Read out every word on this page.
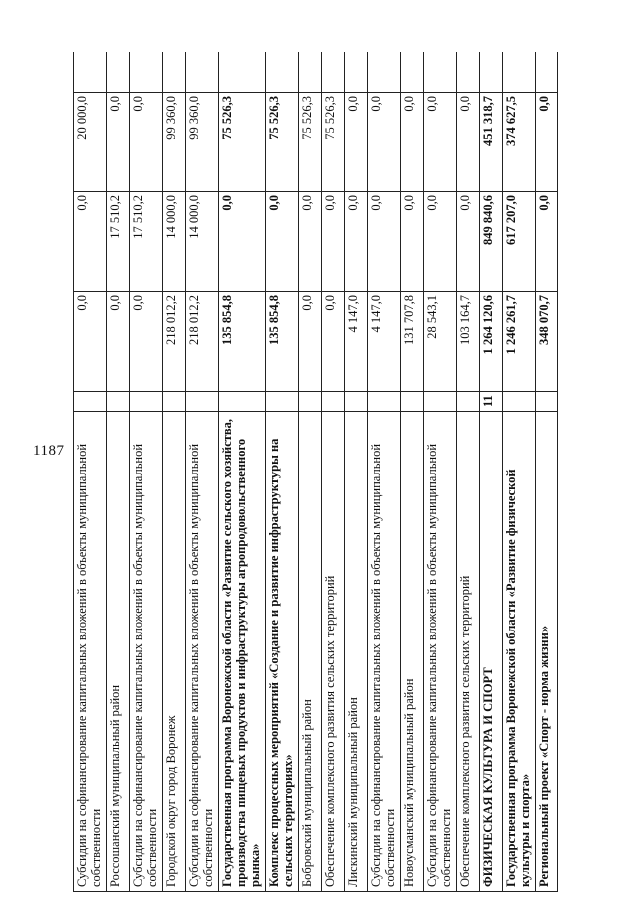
1187 Субсидии на софинансирование капитальных вложений в объекты муниципальной собственности
0,0
0,0
20 000,0
Россошанский муниципальный район
0,0
17 510,2
0,0
Субсидии на софинансирование капитальных вложений в объекты муниципальной собственности
0,0
17 510,2
0,0
Городской округ город Воронеж
218 012,2
14 000,0
99 360,0
Субсидии на софинансирование капитальных вложений в объекты муниципальной собственности
218 012,2
14 000,0
99 360,0
Государственная программа Воронежской области «Развитие сельского хозяйства, производства пищевых продуктов и инфраструктуры агропродовольственного рынка»
135 854,8
0,0
75 526,3
Комплекс процессных мероприятий «Создание и развитие инфраструктуры на сельских территориях»
135 854,8
0,0
75 526,3
Бобровский муниципальный район
0,0
0,0
75 526,3
Обеспечение комплексного развития сельских территорий
0,0
0,0
75 526,3
Лискинский муниципальный район
4 147,0
0,0
0,0
Субсидии на софинансирование капитальных вложений в объекты муниципальной собственности
4 147,0
0,0
0,0
Новоусманский муниципальный район
131 707,8
0,0
0,0
Субсидии на софинансирование капитальных вложений в объекты муниципальной собственности
28 543,1
0,0
0,0
Обеспечение комплексного развития сельских территорий
103 164,7
0,0
0,0
ФИЗИЧЕСКАЯ КУЛЬТУРА И СПОРТ
11
1 264 120,6
849 840,6
451 318,7
Государственная программа Воронежской области «Развитие физической культуры и спорта»
1 246 261,7
617 207,0
374 627,5
Региональный проект «Спорт - норма жизни»
348 070,7
0,0
0,0
